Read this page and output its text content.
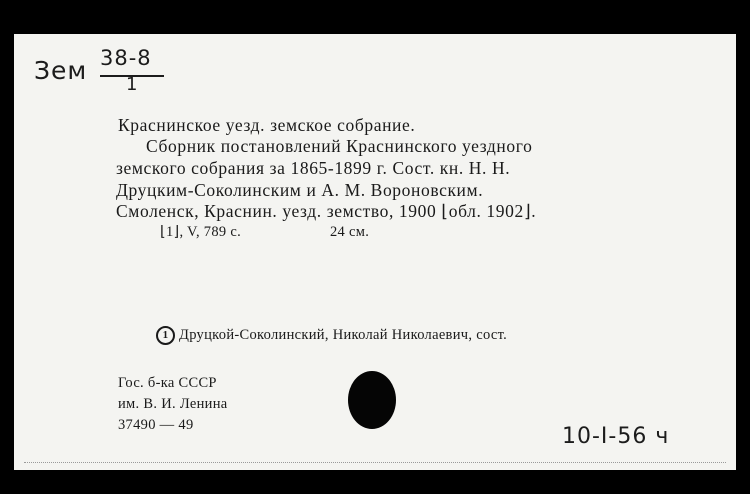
Зем 38-8
1
Краснинское уезд. земское собрание.
Сборник постановлений Краснинского уездного
земского собрания за 1865-1899 г. Сост. кн. Н. Н.
Друцким-Соколинским и А. М. Вороновским.
Смоленск, Краснин. уезд. земство, 1900 ⌊обл. 1902⌋.
⌊1⌋, V, 789 с.	24 см.
1 Друцкой-Соколинский, Николай Николаевич, сост.
Гос. б-ка СССР
им. В. И. Ленина
37490 — 49	10-I-56 ч
